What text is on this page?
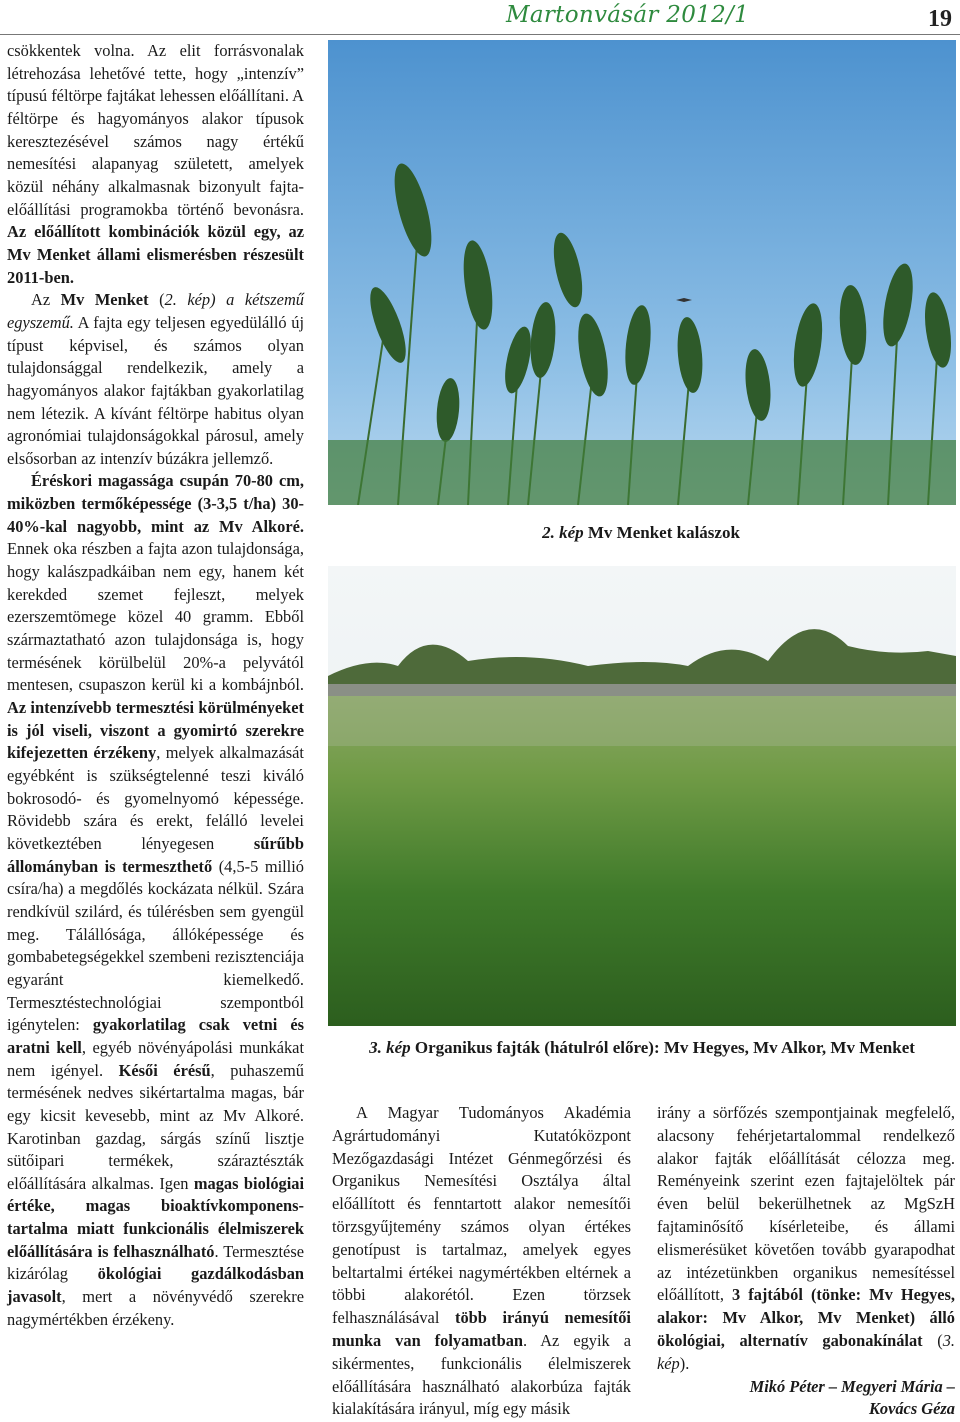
Martonvásár 2012/1	19

csökkentek volna. Az elit forrásvonalak létrehozása lehetővé tette, hogy „intenzív” típusú féltörpe fajtákat lehessen előállítani. A féltörpe és hagyományos alakor típusok keresztezésével számos nagy értékű nemesítési alapanyag született, amelyek közül néhány alkalmasnak bizonyult fajta-előállítási programokba történő bevonásra. Az előállított kombinációk közül egy, az Mv Menket állami elismerésben részesült 2011-ben.

Az Mv Menket (2. kép) a kétszemű egyszemű. A fajta egy teljesen egyedülálló új típust képvisel, és számos olyan tulajdonsággal rendelkezik, amely a hagyományos alakor fajtákban gyakorlatilag nem létezik. A kívánt féltörpe habitus olyan agronómiai tulajdonságokkal párosul, amely elsősorban az intenzív búzákra jellemző.

Éréskori magassága csupán 70-80 cm, miközben termőképessége (3-3,5 t/ha) 30-40%-kal nagyobb, mint az Mv Alkoré. Ennek oka részben a fajta azon tulajdonsága, hogy kalászpadkáiban nem egy, hanem két kerekded szemet fejleszt, melyek ezerszemtömege közel 40 gramm. Ebből származtatható azon tulajdonsága is, hogy termésének körülbelül 20%-a pelyvától mentesen, csupaszon kerül ki a kombájnból. Az intenzívebb termesztési körülményeket is jól viseli, viszont a gyomirtó szerekre kifejezetten érzékeny, melyek alkalmazását egyébként is szükségtelenné teszi kiváló bokrosodó- és gyomelnyomó képessége. Rövidebb szára és erekt, felálló levelei következtében lényegesen sűrűbb állományban is termeszthető (4,5-5 millió csíra/ha) a megdőlés kockázata nélkül. Szára rendkívül szilárd, és túlérésben sem gyengül meg. Tálállósága, állóképessége és gombabetegségekkel szembeni rezisztenciája egyaránt kiemelkedő. Termesztéstechnológiai szempontból igénytelen: gyakorlatilag csak vetni és aratni kell, egyéb növényápolási munkákat nem igényel. Késői érésű, puhaszemű termésének nedves sikértartalma magas, bár egy kicsit kevesebb, mint az Mv Alkoré. Karotinban gazdag, sárgás színű lisztje sütőipari termékek, száraztészták előállítására alkalmas. Igen magas biológiai értéke, magas bioaktívkomponens-tartalma miatt funkcionális élelmiszerek előállítására is felhasználható. Termesztése kizárólag ökológiai gazdálkodásban javasolt, mert a növényvédő szerekre nagymértékben érzékeny.

2. kép Mv Menket kalászok
3. kép Organikus fajták (hátulról előre): Mv Hegyes, Mv Alkor, Mv Menket

A Magyar Tudományos Akadémia Agrártudományi Kutatóközpont Mezőgazdasági Intézet Génmegőrzési és Organikus Nemesítési Osztálya által előállított és fenntartott alakor nemesítői törzsgyűjtemény számos olyan értékes genotípust is tartalmaz, amelyek egyes beltartalmi értékei nagymértékben eltérnek a többi alakorétól. Ezen törzsek felhasználásával több irányú nemesítői munka van folyamatban. Az egyik a sikérmentes, funkcionális élelmiszerek előállítására használható alakorbúza fajták kialakítására irányul, míg egy másik

irány a sörfőzés szempontjainak megfelelő, alacsony fehérjetartalommal rendelkező alakor fajták előállítását célozza meg. Reményeink szerint ezen fajtajelöltek pár éven belül bekerülhetnek az MgSzH fajtaminősítő kísérleteibe, és állami elismerésüket követően tovább gyarapodhat az intézetünkben organikus nemesítéssel előállított, 3 fajtából (tönke: Mv Hegyes, alakor: Mv Alkor, Mv Menket) álló ökológiai, alternatív gabonakínálat (3. kép).

Mikó Péter – Megyeri Mária –

Kovács Géza
